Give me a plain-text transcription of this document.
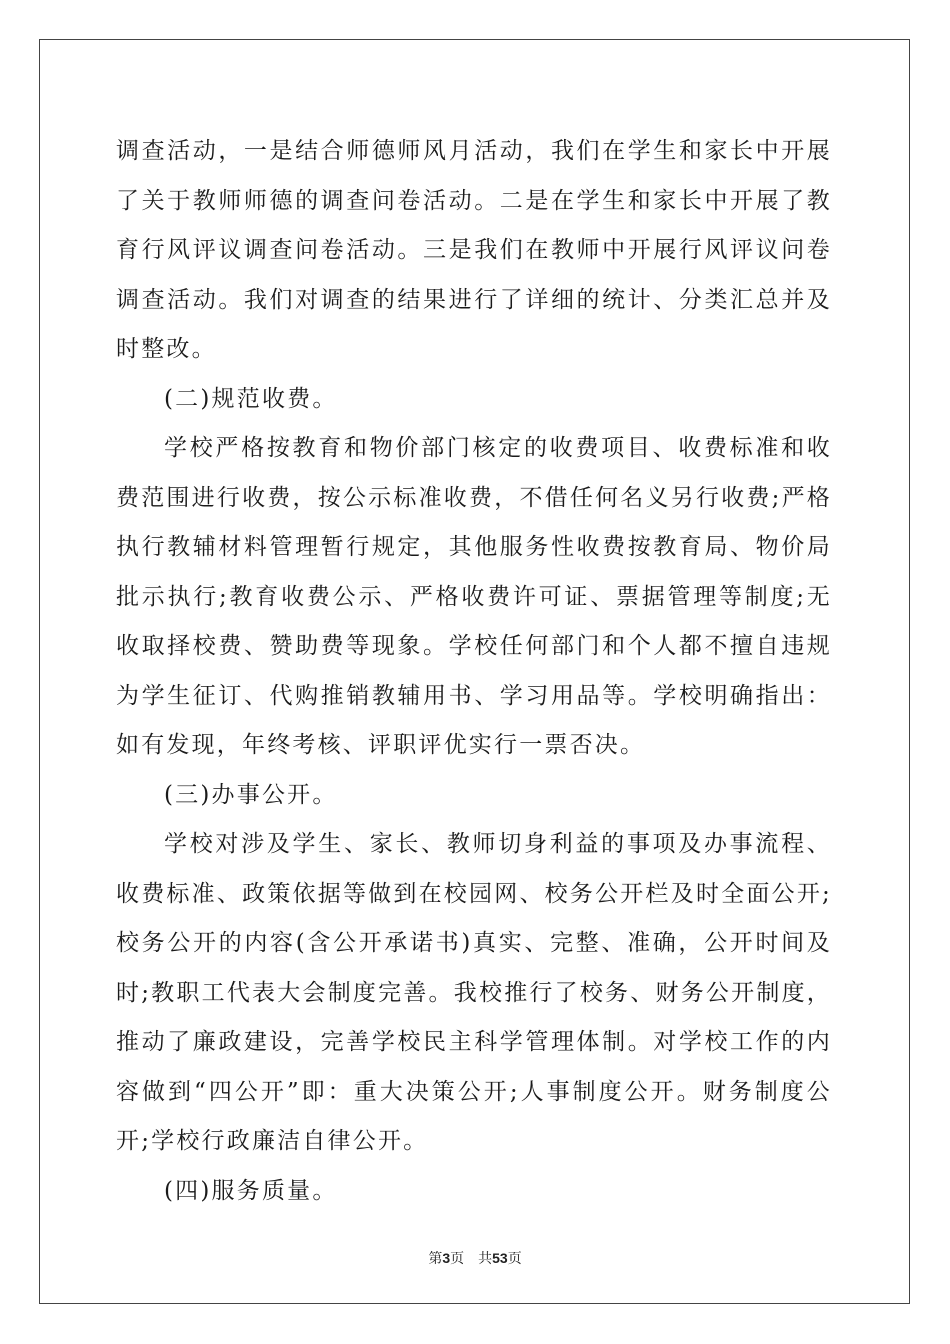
调查活动，一是结合师德师风月活动，我们在学生和家长中开展了关于教师师德的调查问卷活动。二是在学生和家长中开展了教育行风评议调查问卷活动。三是我们在教师中开展行风评议问卷调查活动。我们对调查的结果进行了详细的统计、分类汇总并及时整改。

(二)规范收费。

学校严格按教育和物价部门核定的收费项目、收费标准和收费范围进行收费，按公示标准收费，不借任何名义另行收费;严格执行教辅材料管理暂行规定，其他服务性收费按教育局、物价局批示执行;教育收费公示、严格收费许可证、票据管理等制度;无收取择校费、赞助费等现象。学校任何部门和个人都不擅自违规为学生征订、代购推销教辅用书、学习用品等。学校明确指出：如有发现，年终考核、评职评优实行一票否决。

(三)办事公开。

学校对涉及学生、家长、教师切身利益的事项及办事流程、收费标准、政策依据等做到在校园网、校务公开栏及时全面公开;校务公开的内容(含公开承诺书)真实、完整、准确，公开时间及时;教职工代表大会制度完善。我校推行了校务、财务公开制度，推动了廉政建设，完善学校民主科学管理体制。对学校工作的内容做到“四公开”即：重大决策公开;人事制度公开。财务制度公开;学校行政廉洁自律公开。

(四)服务质量。

第3页 共53页
